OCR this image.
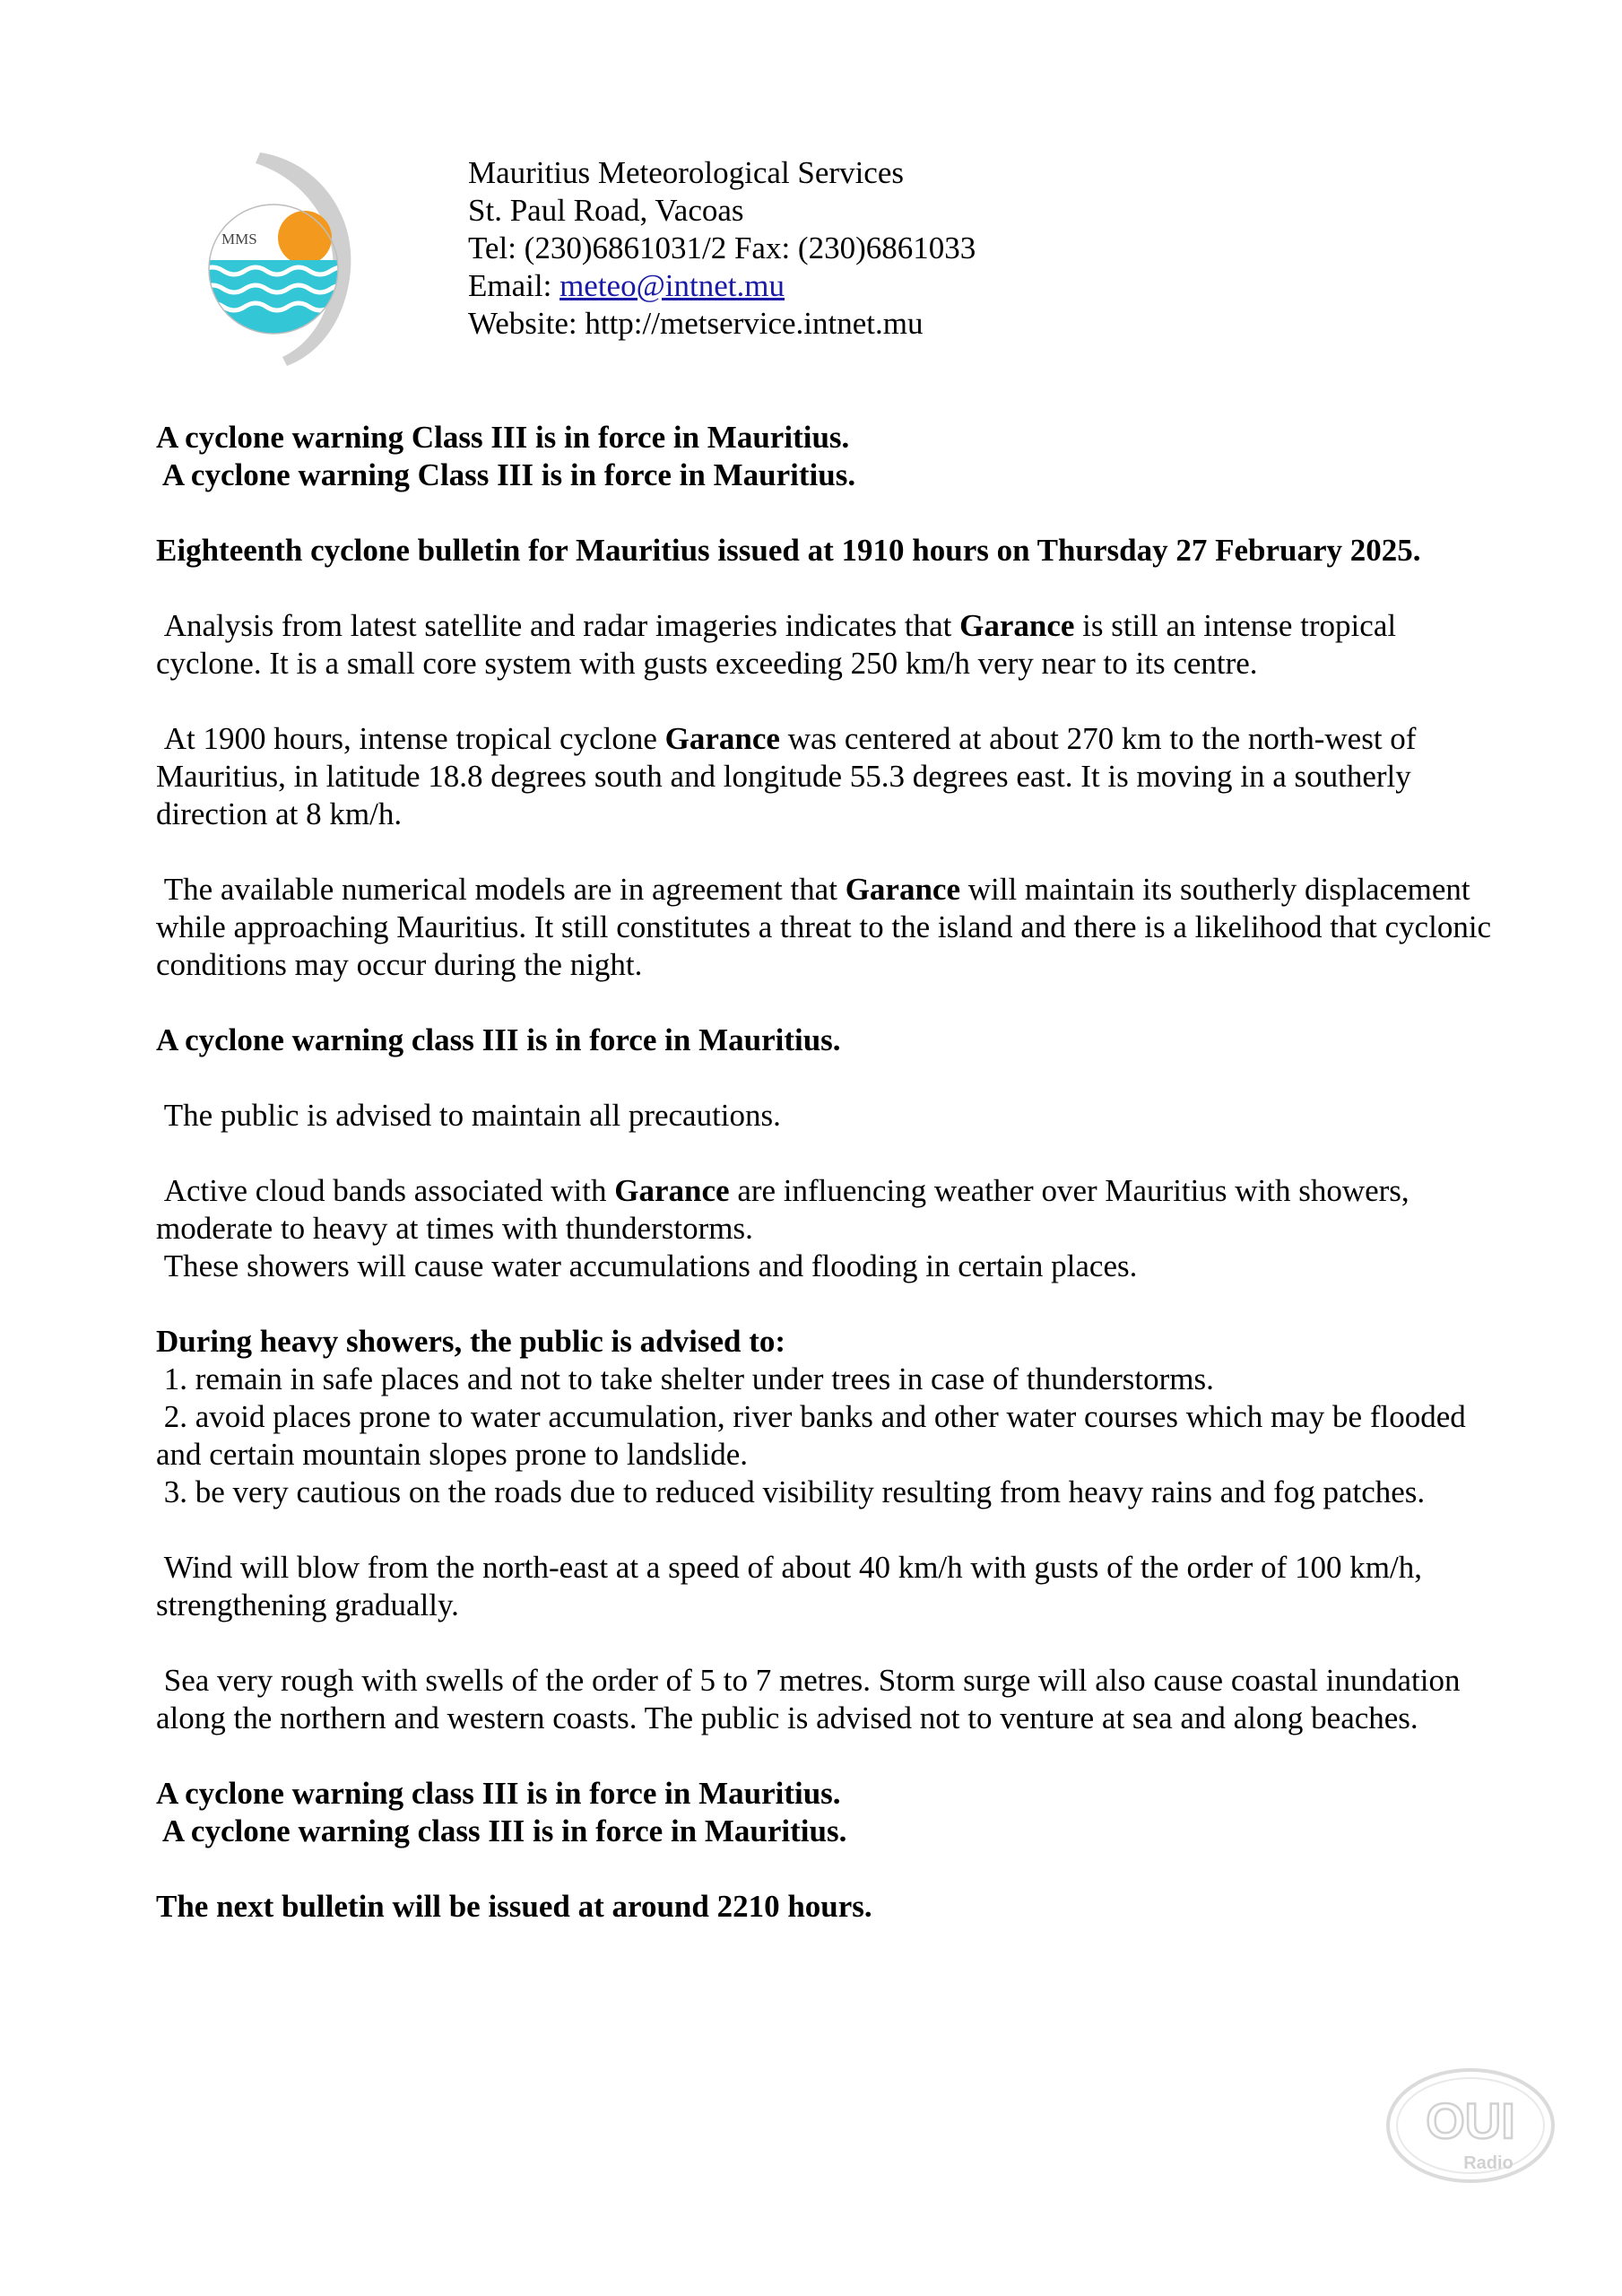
MMS
Mauritius Meteorological Services
St. Paul Road, Vacoas
Tel: (230)6861031/2 Fax: (230)6861033
Email: meteo@intnet.mu
Website: http://metservice.intnet.mu

A cyclone warning Class III is in force in Mauritius.

A cyclone warning Class III is in force in Mauritius.

Eighteenth cyclone bulletin for Mauritius issued at 1910 hours on Thursday 27 February 2025.

Analysis from latest satellite and radar imageries indicates that Garance is still an intense tropical cyclone. It is a small core system with gusts exceeding 250 km/h very near to its centre.

At 1900 hours, intense tropical cyclone Garance was centered at about 270 km to the north-west of Mauritius, in latitude 18.8 degrees south and longitude 55.3 degrees east. It is moving in a southerly direction at 8 km/h.

The available numerical models are in agreement that Garance will maintain its southerly displacement while approaching Mauritius. It still constitutes a threat to the island and there is a likelihood that cyclonic conditions may occur during the night.

A cyclone warning class III is in force in Mauritius.

The public is advised to maintain all precautions.

Active cloud bands associated with Garance are influencing weather over Mauritius with showers, moderate to heavy at times with thunderstorms.

These showers will cause water accumulations and flooding in certain places.

During heavy showers, the public is advised to:

1. remain in safe places and not to take shelter under trees in case of thunderstorms.

2. avoid places prone to water accumulation, river banks and other water courses which may be flooded and certain mountain slopes prone to landslide.

3. be very cautious on the roads due to reduced visibility resulting from heavy rains and fog patches.

Wind will blow from the north-east at a speed of about 40 km/h with gusts of the order of 100 km/h, strengthening gradually.

Sea very rough with swells of the order of 5 to 7 metres. Storm surge will also cause coastal inundation along the northern and western coasts. The public is advised not to venture at sea and along beaches.

A cyclone warning class III is in force in Mauritius.

A cyclone warning class III is in force in Mauritius.

The next bulletin will be issued at around 2210 hours.

OUI
Radio
